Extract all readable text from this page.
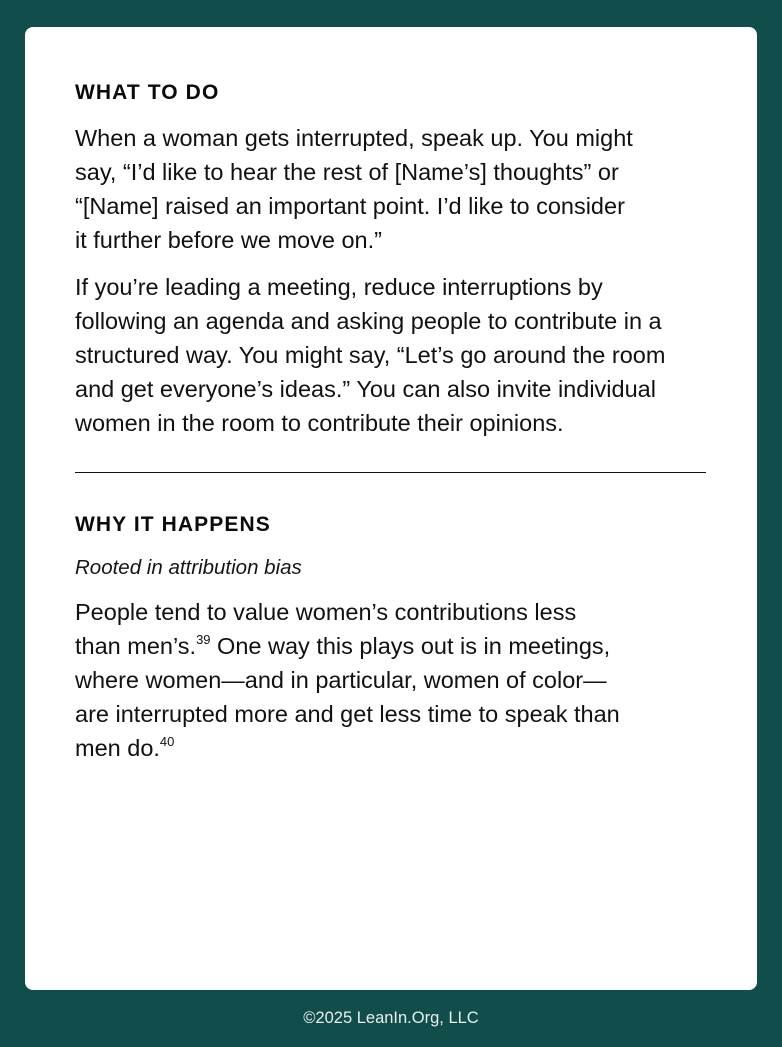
WHAT TO DO

When a woman gets interrupted, speak up. You might
say, “I’d like to hear the rest of [Name’s] thoughts” or
“[Name] raised an important point. I’d like to consider
it further before we move on.”

If you’re leading a meeting, reduce interruptions by
following an agenda and asking people to contribute in a
structured way. You might say, “Let’s go around the room
and get everyone’s ideas.” You can also invite individual
women in the room to contribute their opinions.

WHY IT HAPPENS

Rooted in attribution bias

People tend to value women’s contributions less
than men’s.$^{39}$ One way this plays out is in meetings,
where women—and in particular, women of color—
are interrupted more and get less time to speak than
men do.$^{40}$

©2025 LeanIn.Org, LLC
